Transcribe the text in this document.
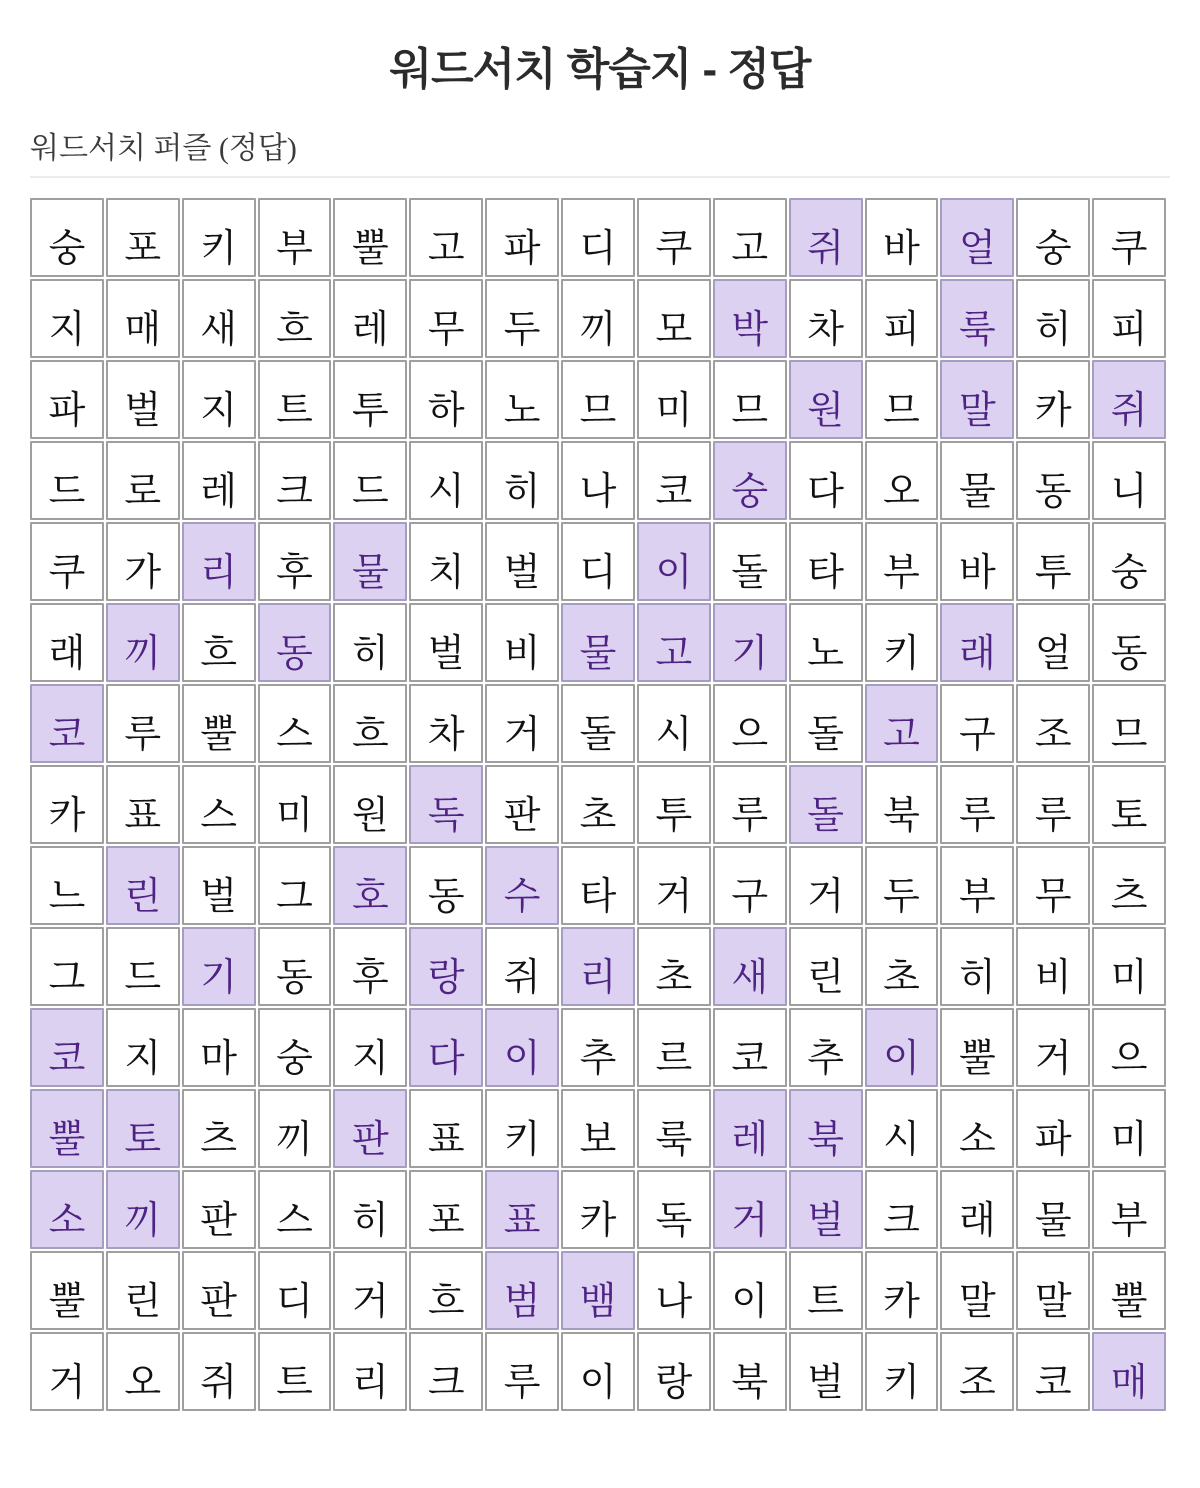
워드서치 학습지 - 정답
워드서치 퍼즐 (정답)
숭	포	키	부	뿔	고	파	디	쿠	고	쥐	바	얼	숭	쿠
지	매	새	흐	레	무	두	끼	모	박	차	피	룩	히	피
파	벌	지	트	투	하	노	므	미	므	원	므	말	카	쥐
드	로	레	크	드	시	히	나	코	숭	다	오	물	동	니
쿠	가	리	후	물	치	벌	디	이	돌	타	부	바	투	숭
래	끼	흐	동	히	벌	비	물	고	기	노	키	래	얼	동
코	루	뿔	스	흐	차	거	돌	시	으	돌	고	구	조	므
카	표	스	미	원	독	판	초	투	루	돌	북	루	루	토
느	린	벌	그	호	동	수	타	거	구	거	두	부	무	츠
그	드	기	동	후	랑	쥐	리	초	새	린	초	히	비	미
코	지	마	숭	지	다	이	추	르	코	추	이	뿔	거	으
뿔	토	츠	끼	판	표	키	보	룩	레	북	시	소	파	미
소	끼	판	스	히	포	표	카	독	거	벌	크	래	물	부
뿔	린	판	디	거	흐	범	뱀	나	이	트	카	말	말	뿔
거	오	쥐	트	리	크	루	이	랑	북	벌	키	조	코	매
